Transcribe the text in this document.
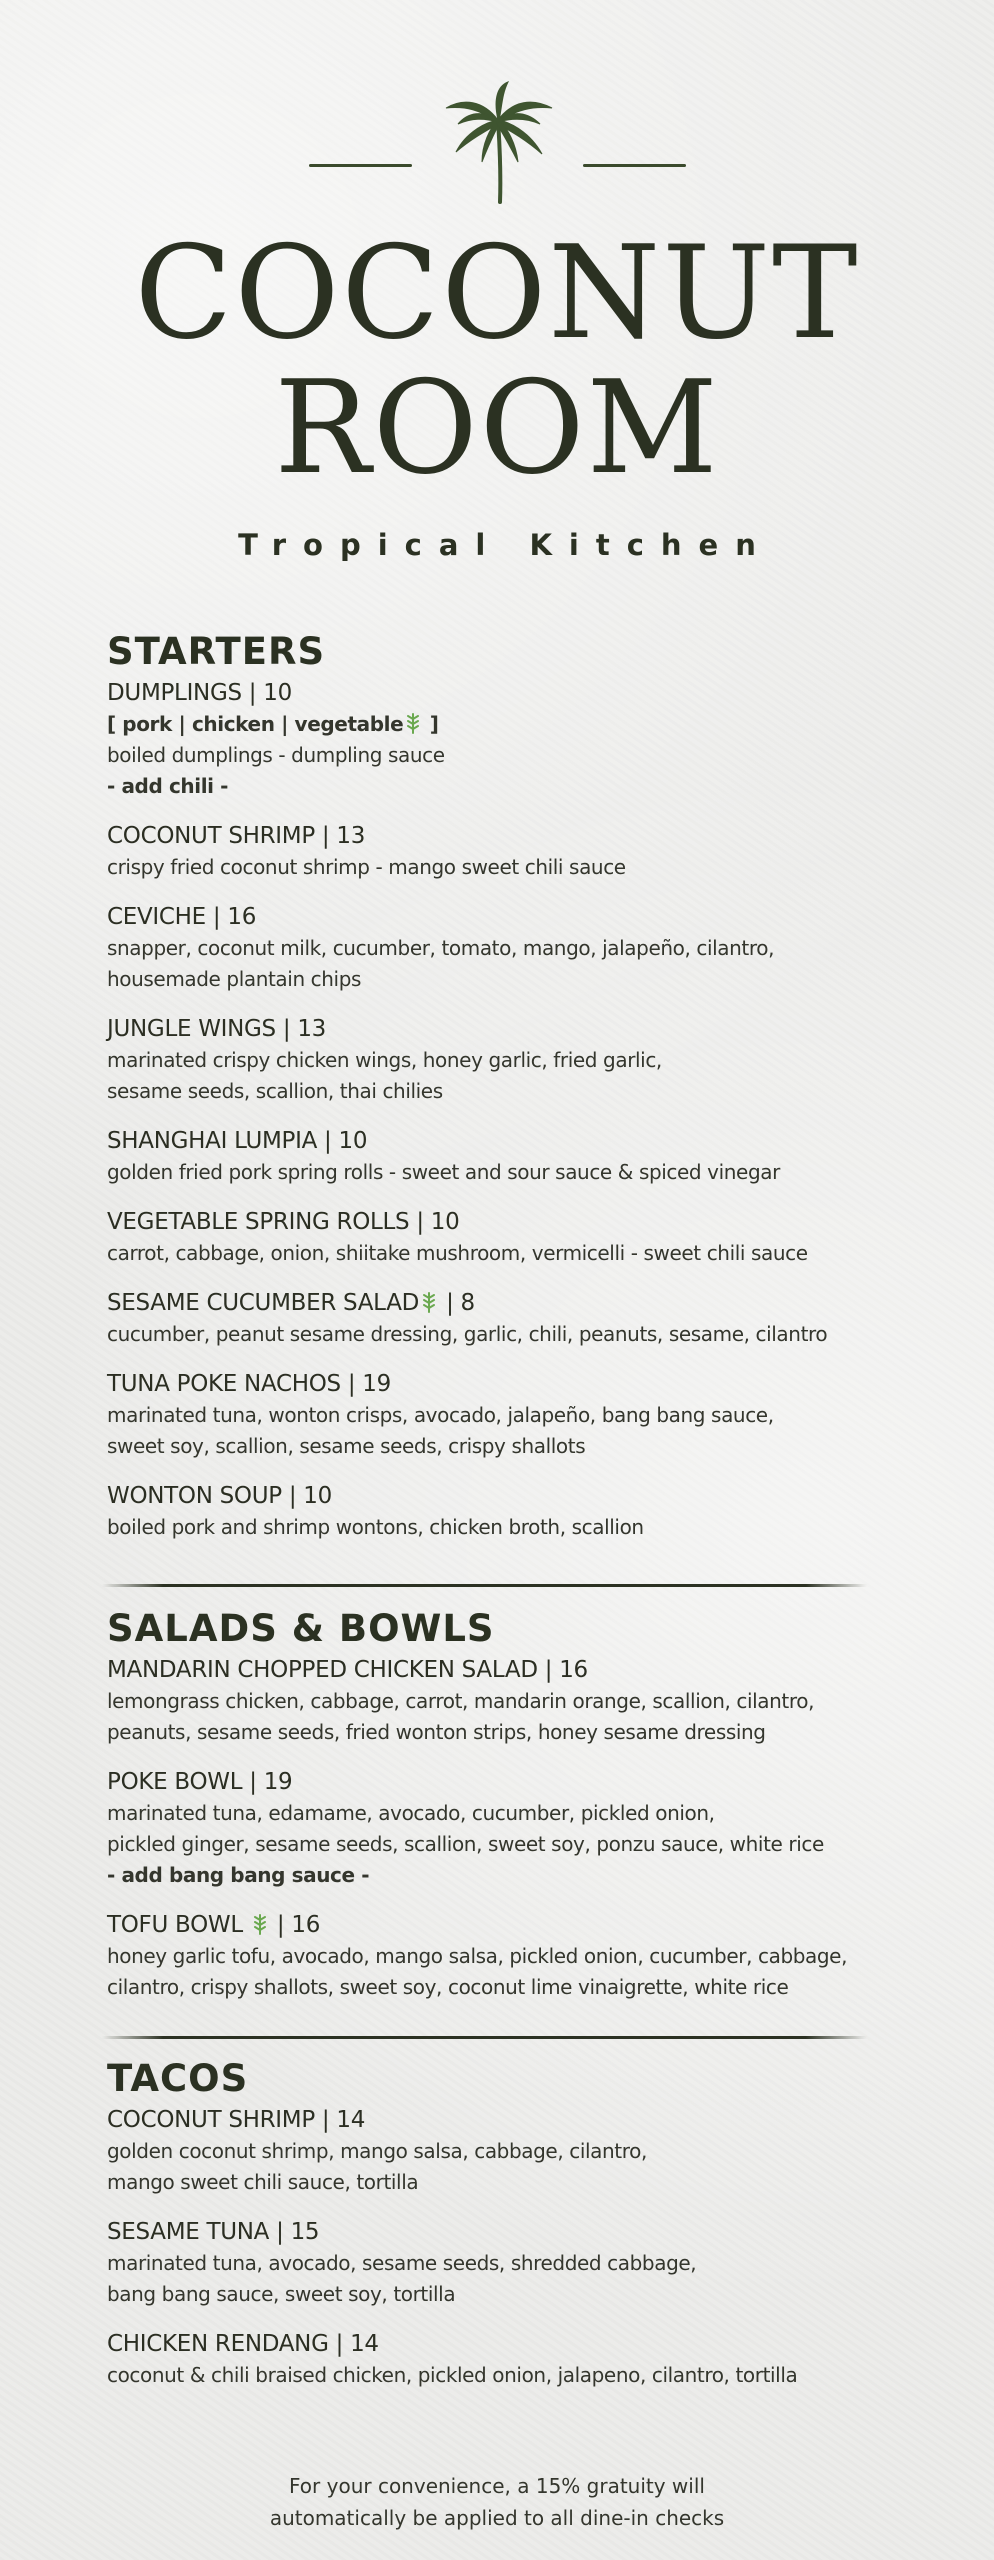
COCONUT
ROOM
Tropical Kitchen
STARTERS
DUMPLINGS | 10
[ pork | chicken | vegetable ]
boiled dumplings - dumpling sauce
- add chili -
COCONUT SHRIMP | 13
crispy fried coconut shrimp - mango sweet chili sauce
CEVICHE | 16
snapper, coconut milk, cucumber, tomato, mango, jalapeño, cilantro,
housemade plantain chips
JUNGLE WINGS | 13
marinated crispy chicken wings, honey garlic, fried garlic,
sesame seeds, scallion, thai chilies
SHANGHAI LUMPIA | 10
golden fried pork spring rolls - sweet and sour sauce & spiced vinegar
VEGETABLE SPRING ROLLS | 10
carrot, cabbage, onion, shiitake mushroom, vermicelli - sweet chili sauce
SESAME CUCUMBER SALAD | 8
cucumber, peanut sesame dressing, garlic, chili, peanuts, sesame, cilantro
TUNA POKE NACHOS | 19
marinated tuna, wonton crisps, avocado, jalapeño, bang bang sauce,
sweet soy, scallion, sesame seeds, crispy shallots
WONTON SOUP | 10
boiled pork and shrimp wontons, chicken broth, scallion
SALADS & BOWLS
MANDARIN CHOPPED CHICKEN SALAD | 16
lemongrass chicken, cabbage, carrot, mandarin orange, scallion, cilantro,
peanuts, sesame seeds, fried wonton strips, honey sesame dressing
POKE BOWL | 19
marinated tuna, edamame, avocado, cucumber, pickled onion,
pickled ginger, sesame seeds, scallion, sweet soy, ponzu sauce, white rice
- add bang bang sauce -
TOFU BOWL  | 16
honey garlic tofu, avocado, mango salsa, pickled onion, cucumber, cabbage,
cilantro, crispy shallots, sweet soy, coconut lime vinaigrette, white rice
TACOS
COCONUT SHRIMP | 14
golden coconut shrimp, mango salsa, cabbage, cilantro,
mango sweet chili sauce, tortilla
SESAME TUNA | 15
marinated tuna, avocado, sesame seeds, shredded cabbage,
bang bang sauce, sweet soy, tortilla
CHICKEN RENDANG | 14
coconut & chili braised chicken, pickled onion, jalapeno, cilantro, tortilla
For your convenience, a 15% gratuity will
automatically be applied to all dine-in checks
